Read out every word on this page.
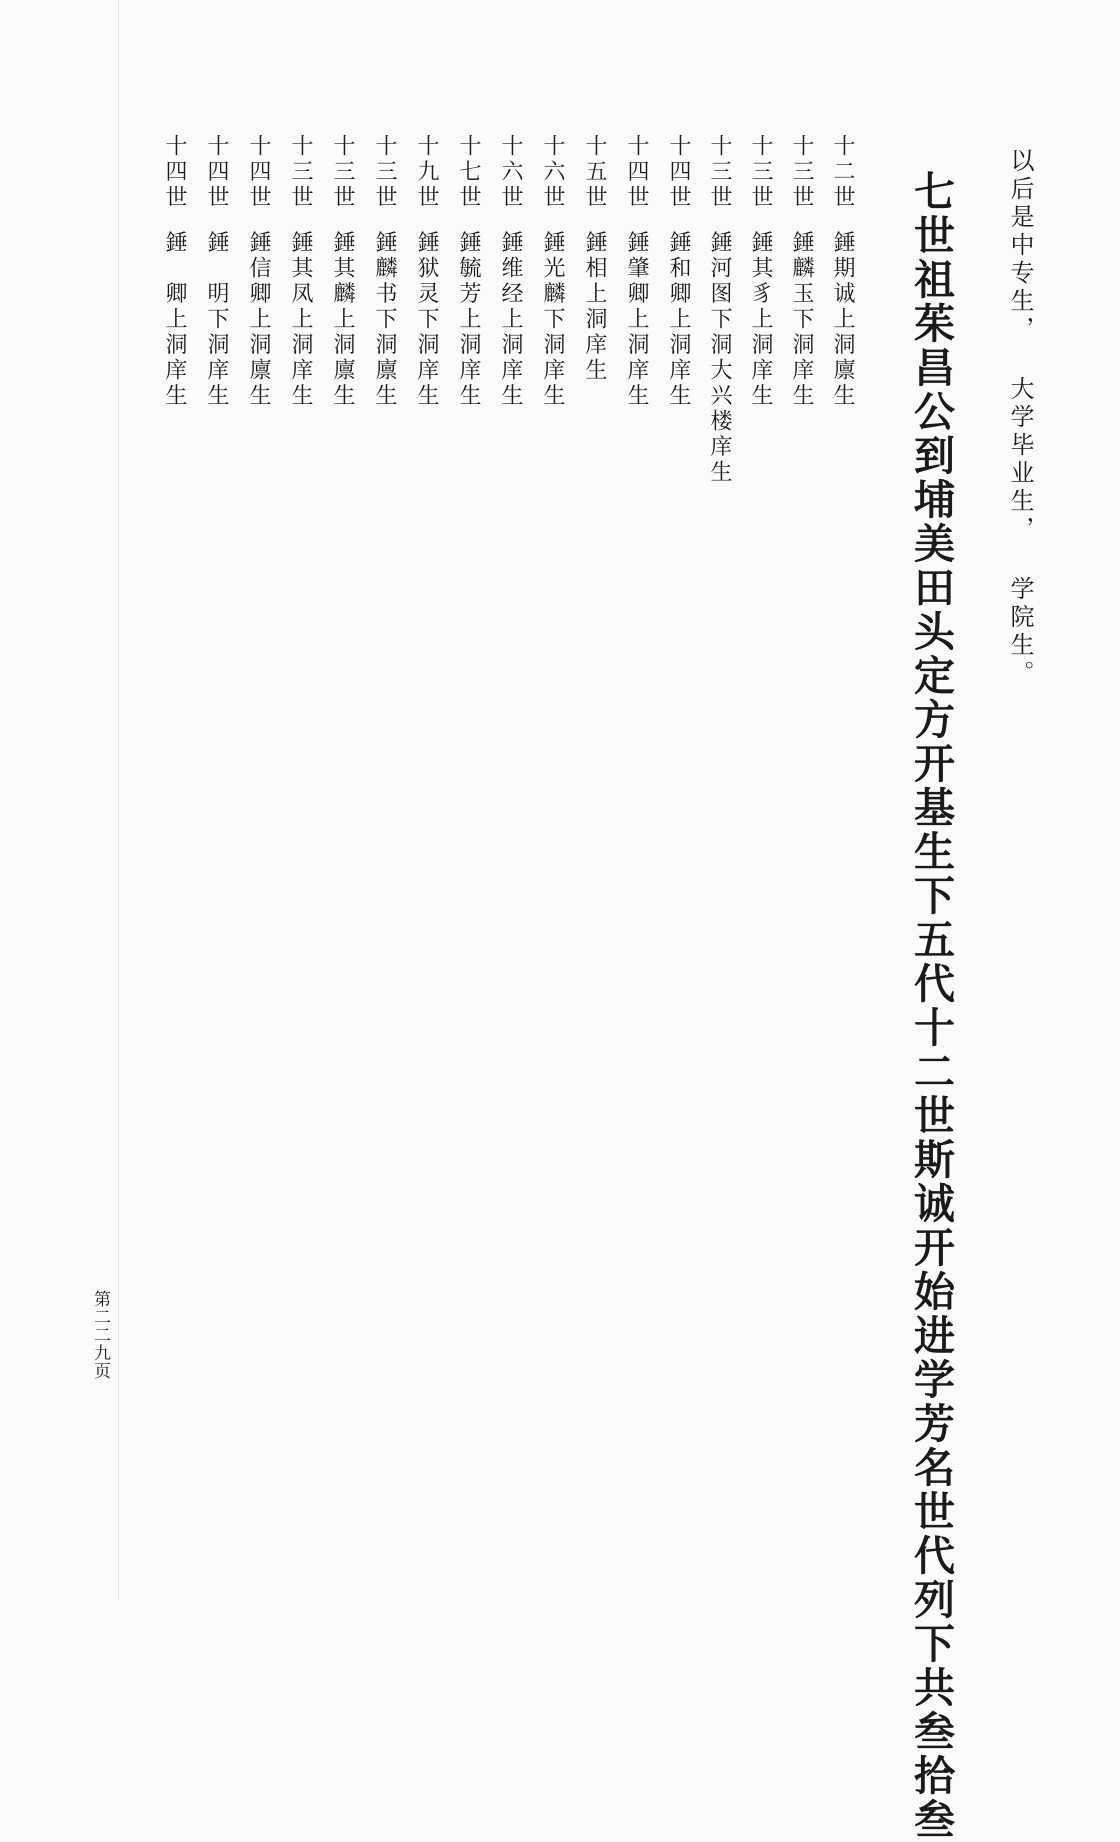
以后是中专生， 大学毕业生， 学院生。
七世祖茱昌公到埔美田头定方开基生下五代十二世斯诚开始进学芳名世代列下共叁拾叁
十二世錘期诚上洞廪生
十三世錘麟玉下洞庠生
十三世錘其豸上洞庠生
十三世錘河图下洞大兴楼庠生
十四世錘和卿上洞庠生
十四世錘肇卿上洞庠生
十五世錘相上洞庠生
十六世錘光麟下洞庠生
十六世錘维经上洞庠生
十七世錘毓芳上洞庠生
十九世錘狱灵下洞庠生
十三世錘麟书下洞廪生
十三世錘其麟上洞廪生
十三世錘其凤上洞庠生
十四世錘信卿上洞廪生
十四世錘　明下洞庠生
十四世錘　卿上洞庠生
第二二九页
